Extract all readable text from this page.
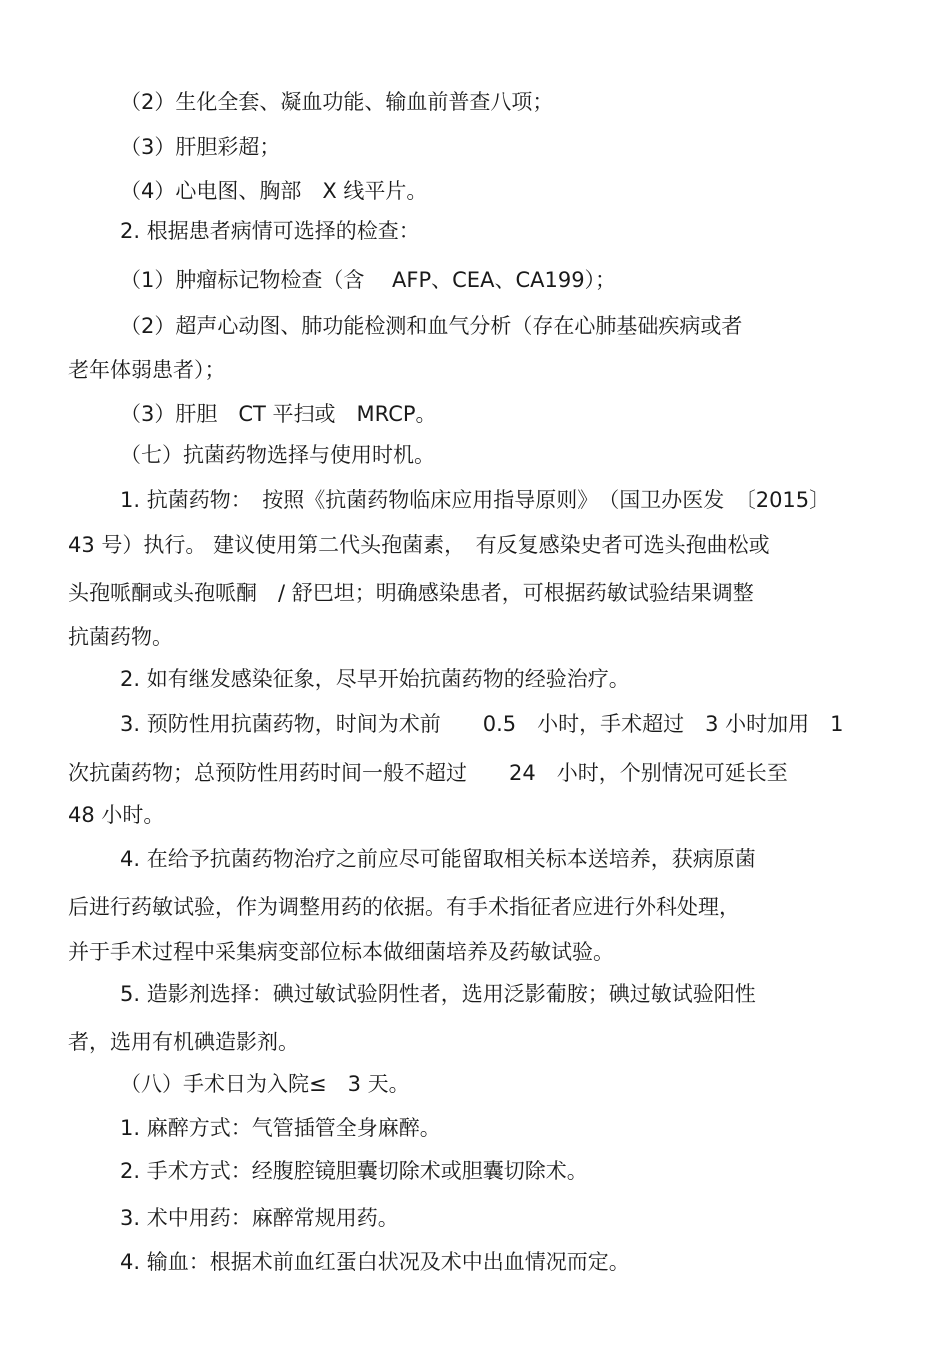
（2）生化全套、凝血功能、输血前普查八项；
（3）肝胆彩超；
（4）心电图、胸部　X 线平片。
2. 根据患者病情可选择的检查：
（1）肿瘤标记物检查（含　 AFP、CEA、CA199）；
（2）超声心动图、肺功能检测和血气分析（存在心肺基础疾病或者
老年体弱患者）；
（3）肝胆　CT 平扫或　MRCP。
（七）抗菌药物选择与使用时机。
1. 抗菌药物：　按照《抗菌药物临床应用指导原则》　（国卫办医发　〔2015〕
43 号）执行。 建议使用第二代头孢菌素，　有反复感染史者可选头孢曲松或
头孢哌酮或头孢哌酮　/ 舒巴坦；明确感染患者，可根据药敏试验结果调整
抗菌药物。
2. 如有继发感染征象，尽早开始抗菌药物的经验治疗。
3. 预防性用抗菌药物，时间为术前　　0.5　小时，手术超过　3 小时加用　1
次抗菌药物；总预防性用药时间一般不超过　　24　小时，个别情况可延长至
48 小时。
4. 在给予抗菌药物治疗之前应尽可能留取相关标本送培养，获病原菌
后进行药敏试验，作为调整用药的依据。有手术指征者应进行外科处理，
并于手术过程中采集病变部位标本做细菌培养及药敏试验。
5. 造影剂选择：碘过敏试验阴性者，选用泛影葡胺；碘过敏试验阳性
者，选用有机碘造影剂。
（八）手术日为入院≤　3 天。
1. 麻醉方式：气管插管全身麻醉。
2. 手术方式：经腹腔镜胆囊切除术或胆囊切除术。
3. 术中用药：麻醉常规用药。
4. 输血：根据术前血红蛋白状况及术中出血情况而定。
